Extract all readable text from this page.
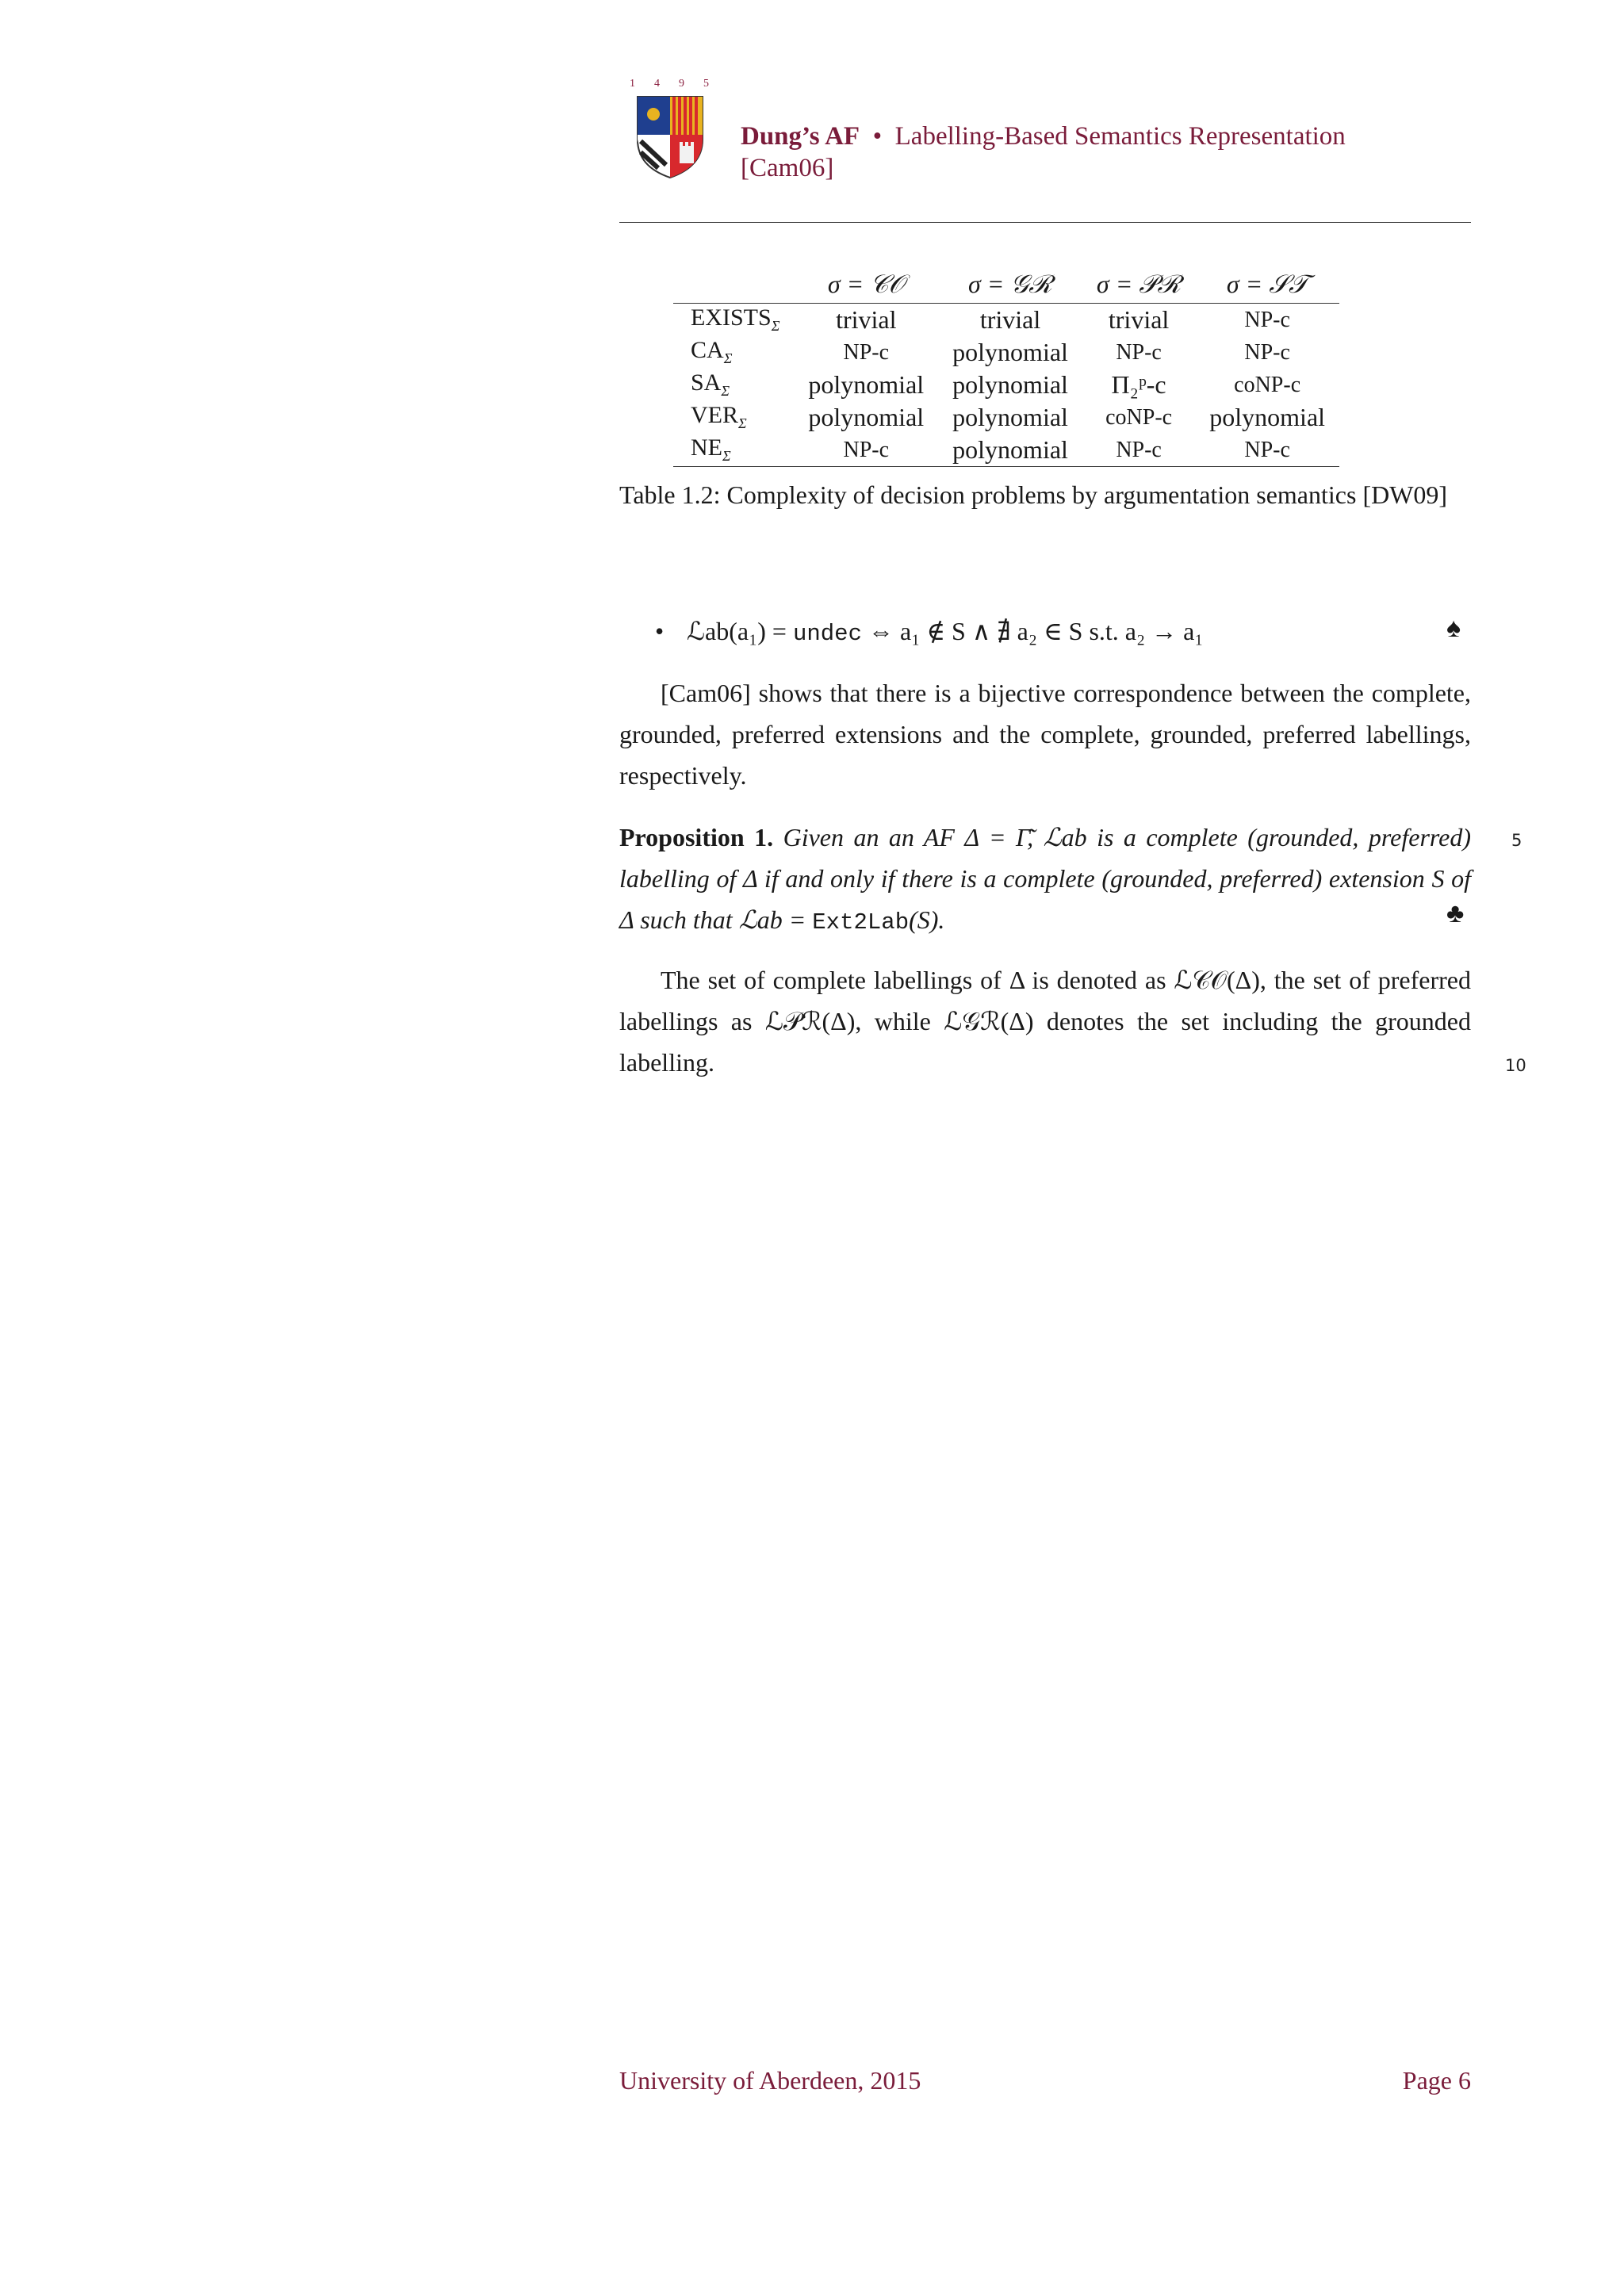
1 4 9 5
Dung’s AF • Labelling-Based Semantics Representation
[Cam06]
	σ = 𝒞𝒪	σ = 𝒢ℛ	σ = 𝒫ℛ	σ = 𝒮𝒯
$EXISTS_\sigma$	trivial	trivial	trivial	NP-c
$CA_\sigma$	NP-c	polynomial	NP-c	NP-c
$SA_\sigma$	polynomial	polynomial	Π₂ᵖ-c	coNP-c
$VER_\sigma$	polynomial	polynomial	coNP-c	polynomial
$NE_\sigma$	NP-c	polynomial	NP-c	NP-c
Table 1.2: Complexity of decision problems by argumentation semantics [DW09]
• ℒab(a₁) = undec ⇔ a₁ ∉ S ∧ ∄ a₂ ∈ S s.t. a₂ → a₁	♠

[Cam06] shows that there is a bijective correspondence between the complete, grounded, preferred extensions and the complete, grounded, preferred labellings, respectively.

Proposition 1. Given an an AF Δ = Γ̃, ℒab is a complete (grounded, preferred) labelling of Δ if and only if there is a complete (grounded, preferred) extension S of Δ such that ℒab = Ext2Lab(S).	♣

The set of complete labellings of Δ is denoted as ℒ𝒞𝒪(Δ), the set of preferred labellings as ℒ𝒫ℛ(Δ), while ℒ𝒢ℛ(Δ) denotes the set including the grounded labelling.

5
10
University of Aberdeen, 2015	Page 6
